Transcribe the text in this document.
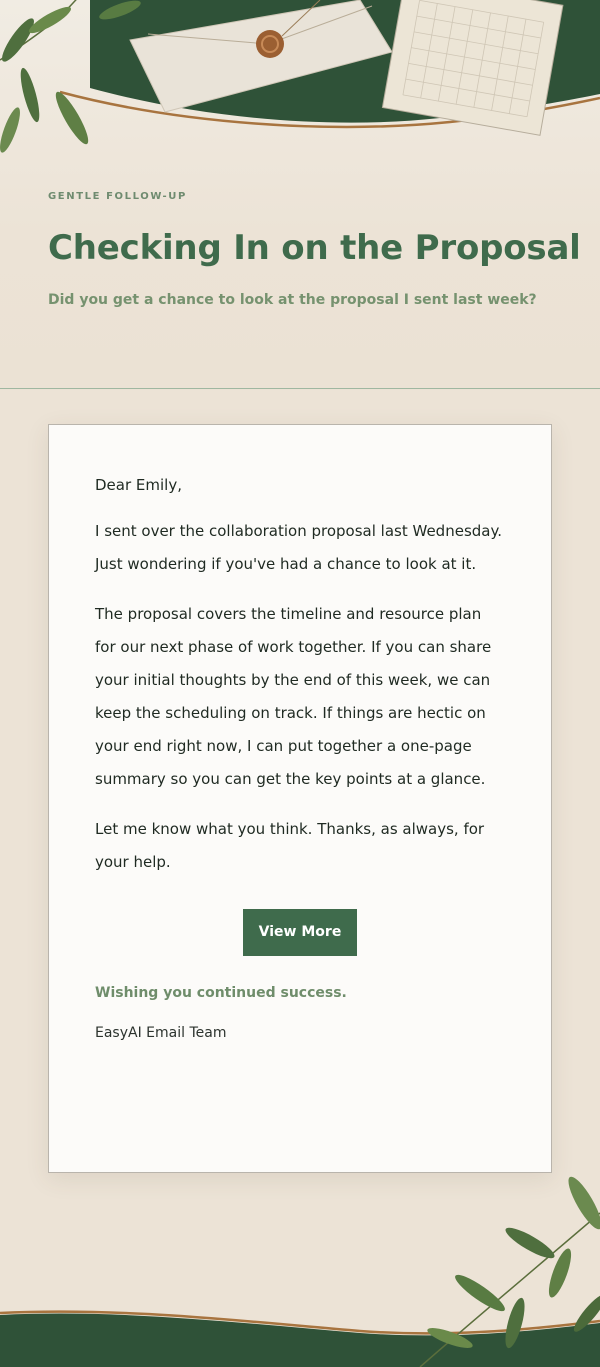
GENTLE FOLLOW-UP
Checking In on the Proposal

Did you get a chance to look at the proposal I sent last week?

Dear Emily,

I sent over the collaboration proposal last Wednesday. Just wondering if you've had a chance to look at it.

The proposal covers the timeline and resource plan for our next phase of work together. If you can share your initial thoughts by the end of this week, we can keep the scheduling on track. If things are hectic on your end right now, I can put together a one-page summary so you can get the key points at a glance.

Let me know what you think. Thanks, as always, for your help.

View More

Wishing you continued success.

EasyAI Email Team
